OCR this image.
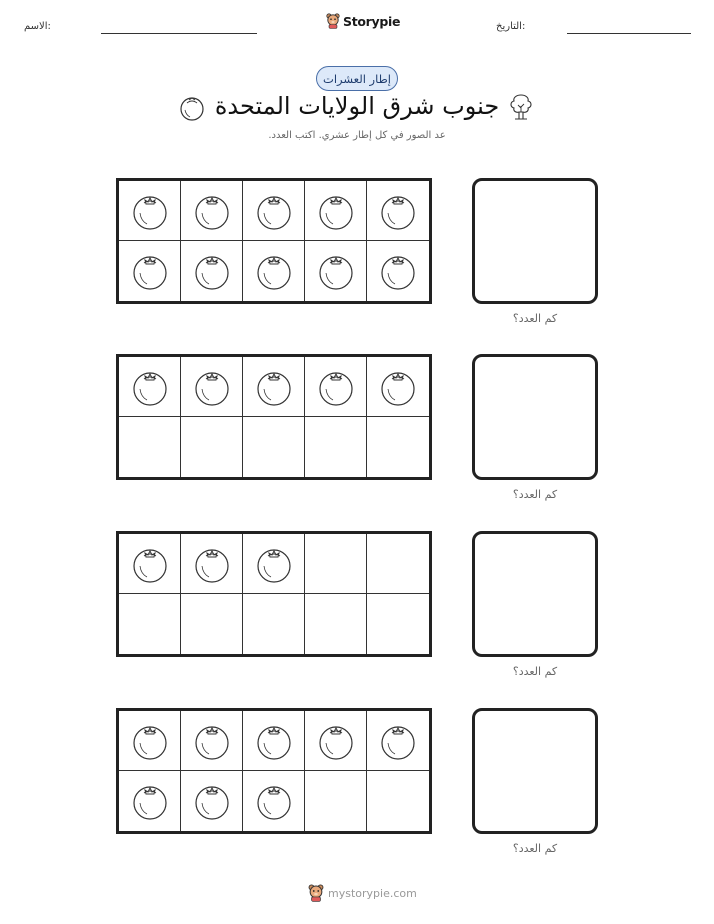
الاسم:	Storypie	التاريخ:
إطار العشرات
جنوب شرق الولايات المتحدة
عد الصور في كل إطار عشري. اكتب العدد.
كم العدد؟
كم العدد؟
كم العدد؟
كم العدد؟
mystorypie.com
